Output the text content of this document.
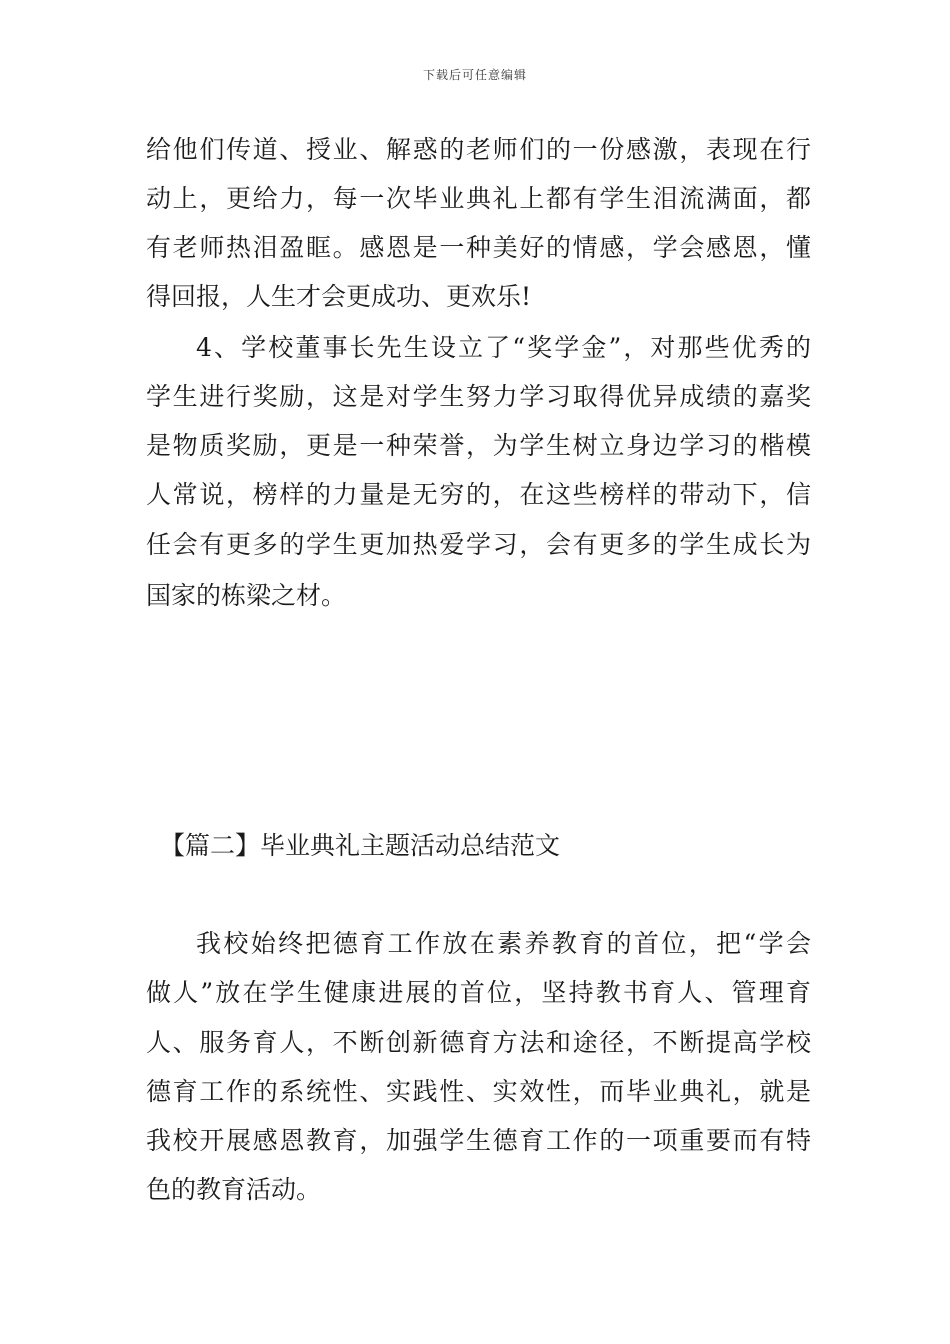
下载后可任意编辑
给他们传道、授业、解惑的老师们的一份感激，表现在行
动上，更给力，每一次毕业典礼上都有学生泪流满面，都
有老师热泪盈眶。感恩是一种美好的情感，学会感恩，懂
得回报，人生才会更成功、更欢乐!
4、学校董事长先生设立了“奖学金”，对那些优秀的
学生进行奖励，这是对学生努力学习取得优异成绩的嘉奖
是物质奖励，更是一种荣誉，为学生树立身边学习的楷模
人常说，榜样的力量是无穷的，在这些榜样的带动下，信
任会有更多的学生更加热爱学习，会有更多的学生成长为
国家的栋梁之材。
【篇二】毕业典礼主题活动总结范文
我校始终把德育工作放在素养教育的首位，把“学会
做人”放在学生健康进展的首位，坚持教书育人、管理育
人、服务育人，不断创新德育方法和途径，不断提高学校
德育工作的系统性、实践性、实效性，而毕业典礼，就是
我校开展感恩教育，加强学生德育工作的一项重要而有特
色的教育活动。
